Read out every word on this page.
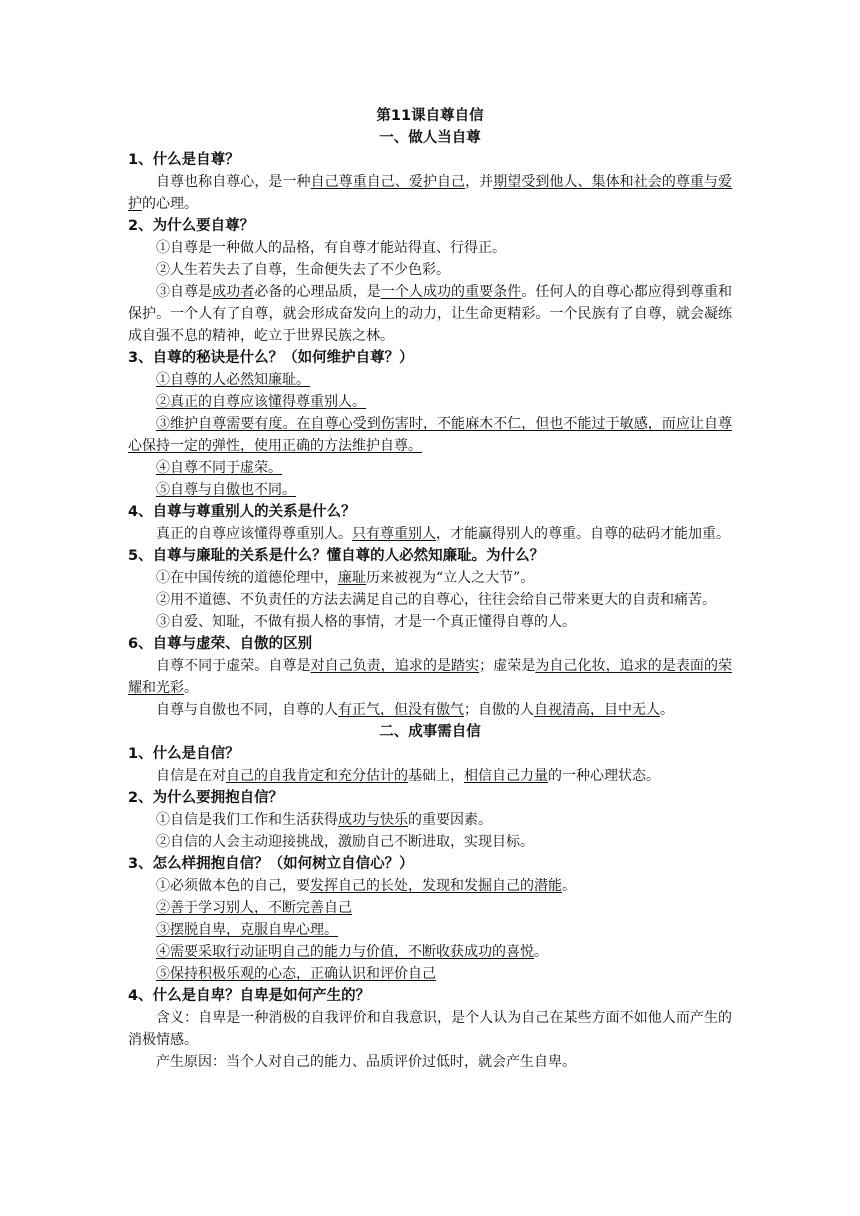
第11课自尊自信
一、做人当自尊
1、什么是自尊？
自尊也称自尊心，是一种自己尊重自己、爱护自己，并期望受到他人、集体和社会的尊重与爱护的心理。
2、为什么要自尊？
①自尊是一种做人的品格，有自尊才能站得直、行得正。
②人生若失去了自尊，生命便失去了不少色彩。
③自尊是成功者必备的心理品质，是一个人成功的重要条件。任何人的自尊心都应得到尊重和保护。一个人有了自尊，就会形成奋发向上的动力，让生命更精彩。一个民族有了自尊，就会凝练成自强不息的精神，屹立于世界民族之林。
3、自尊的秘诀是什么？（如何维护自尊？）
①自尊的人必然知廉耻。
②真正的自尊应该懂得尊重别人。
③维护自尊需要有度。在自尊心受到伤害时，不能麻木不仁，但也不能过于敏感，而应让自尊心保持一定的弹性，使用正确的方法维护自尊。
④自尊不同于虚荣。
⑤自尊与自傲也不同。
4、自尊与尊重别人的关系是什么？
真正的自尊应该懂得尊重别人。只有尊重别人，才能赢得别人的尊重。自尊的砝码才能加重。
5、自尊与廉耻的关系是什么？懂自尊的人必然知廉耻。为什么？
①在中国传统的道德伦理中，廉耻历来被视为“立人之大节”。
②用不道德、不负责任的方法去满足自己的自尊心，往往会给自己带来更大的自责和痛苦。
③自爱、知耻，不做有损人格的事情，才是一个真正懂得自尊的人。
6、自尊与虚荣、自傲的区别
自尊不同于虚荣。自尊是对自己负责，追求的是踏实；虚荣是为自己化妆，追求的是表面的荣耀和光彩。
自尊与自傲也不同，自尊的人有正气，但没有傲气；自傲的人自视清高，目中无人。
二、成事需自信
1、什么是自信？
自信是在对自己的自我肯定和充分估计的基础上，相信自己力量的一种心理状态。
2、为什么要拥抱自信？
①自信是我们工作和生活获得成功与快乐的重要因素。
②自信的人会主动迎接挑战，激励自己不断进取，实现目标。
3、怎么样拥抱自信？（如何树立自信心？）
①必须做本色的自己，要发挥自己的长处，发现和发掘自己的潜能。
②善于学习别人，不断完善自己
③摆脱自卑，克服自卑心理。
④需要采取行动证明自己的能力与价值，不断收获成功的喜悦。
⑤保持积极乐观的心态，正确认识和评价自己
4、什么是自卑？自卑是如何产生的？
含义：自卑是一种消极的自我评价和自我意识，是个人认为自己在某些方面不如他人而产生的消极情感。
产生原因：当个人对自己的能力、品质评价过低时，就会产生自卑。
